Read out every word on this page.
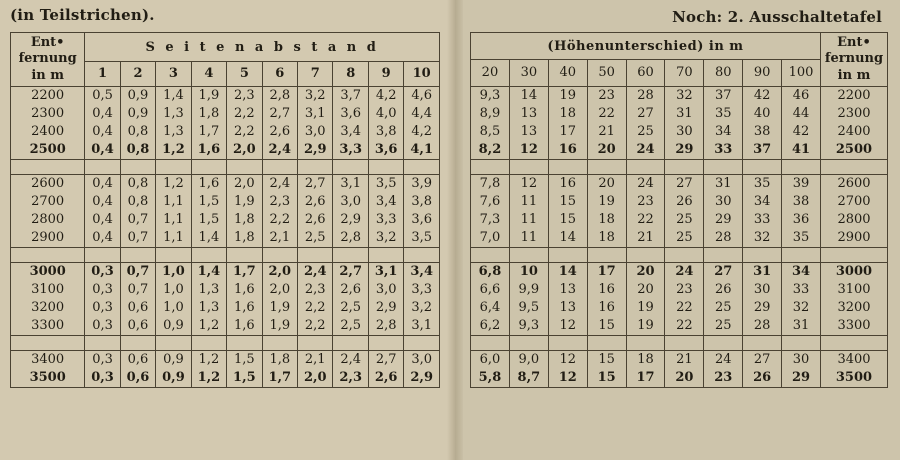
Noch: 2. Ausschaltetafel
(in Teilstrichen).
Ent•
fernung
in m	S e i t e n a b s t a n d									
	1	2	3	4	5	6	7	8	9	10
2200	0,5	0,9	1,4	1,9	2,3	2,8	3,2	3,7	4,2	4,6
2300	0,4	0,9	1,3	1,8	2,2	2,7	3,1	3,6	4,0	4,4
2400	0,4	0,8	1,3	1,7	2,2	2,6	3,0	3,4	3,8	4,2
2500	0,4	0,8	1,2	1,6	2,0	2,4	2,9	3,3	3,6	4,1

2600	0,4	0,8	1,2	1,6	2,0	2,4	2,7	3,1	3,5	3,9
2700	0,4	0,8	1,1	1,5	1,9	2,3	2,6	3,0	3,4	3,8
2800	0,4	0,7	1,1	1,5	1,8	2,2	2,6	2,9	3,3	3,6
2900	0,4	0,7	1,1	1,4	1,8	2,1	2,5	2,8	3,2	3,5

3000	0,3	0,7	1,0	1,4	1,7	2,0	2,4	2,7	3,1	3,4
3100	0,3	0,7	1,0	1,3	1,6	2,0	2,3	2,6	3,0	3,3
3200	0,3	0,6	1,0	1,3	1,6	1,9	2,2	2,5	2,9	3,2
3300	0,3	0,6	0,9	1,2	1,6	1,9	2,2	2,5	2,8	3,1

3400	0,3	0,6	0,9	1,2	1,5	1,8	2,1	2,4	2,7	3,0
3500	0,3	0,6	0,9	1,2	1,5	1,7	2,0	2,3	2,6	2,9
(Höhenunterschied) in m									Ent•
fernung
in m
20	30	40	50	60	70	80	90	100	
9,3	14	19	23	28	32	37	42	46	2200
8,9	13	18	22	27	31	35	40	44	2300
8,5	13	17	21	25	30	34	38	42	2400
8,2	12	16	20	24	29	33	37	41	2500

7,8	12	16	20	24	27	31	35	39	2600
7,6	11	15	19	23	26	30	34	38	2700
7,3	11	15	18	22	25	29	33	36	2800
7,0	11	14	18	21	25	28	32	35	2900

6,8	10	14	17	20	24	27	31	34	3000
6,6	9,9	13	16	20	23	26	30	33	3100
6,4	9,5	13	16	19	22	25	29	32	3200
6,2	9,3	12	15	19	22	25	28	31	3300

6,0	9,0	12	15	18	21	24	27	30	3400
5,8	8,7	12	15	17	20	23	26	29	3500
